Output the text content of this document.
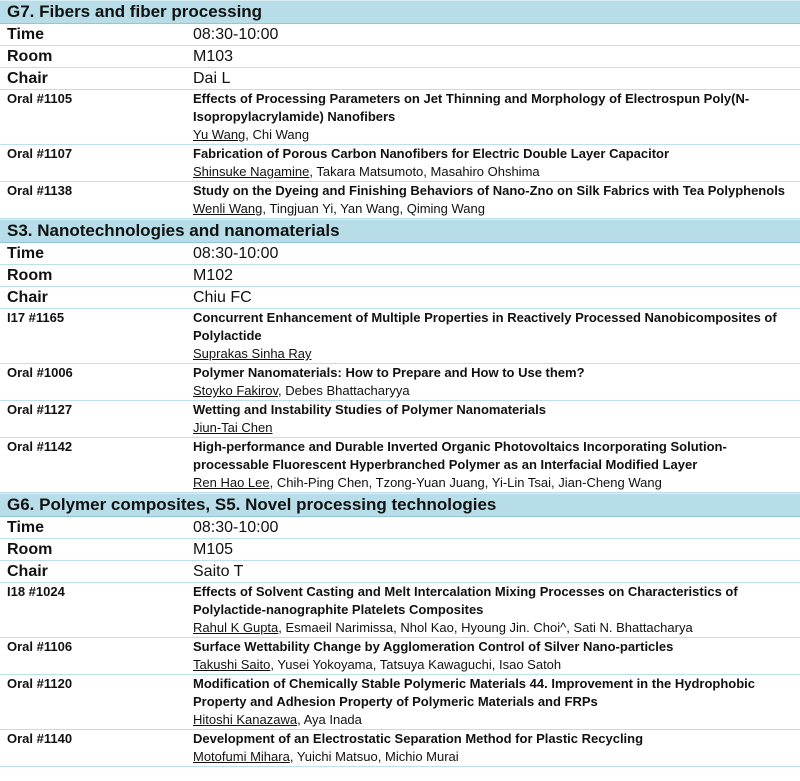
G7. Fibers and fiber processing
Time	08:30-10:00
Room	M103
Chair	Dai L
Oral #1105	Effects of Processing Parameters on Jet Thinning and Morphology of Electrospun Poly(N-Isopropylacrylamide) Nanofibers
Yu Wang, Chi Wang
Oral #1107	Fabrication of Porous Carbon Nanofibers for Electric Double Layer Capacitor
Shinsuke Nagamine, Takara Matsumoto, Masahiro Ohshima
Oral #1138	Study on the Dyeing and Finishing Behaviors of Nano-Zno on Silk Fabrics with Tea Polyphenols
Wenli Wang, Tingjuan Yi, Yan Wang, Qiming Wang
S3. Nanotechnologies and nanomaterials
Time	08:30-10:00
Room	M102
Chair	Chiu FC
I17 #1165	Concurrent Enhancement of Multiple Properties in Reactively Processed Nanobicomposites of Polylactide
Suprakas Sinha Ray
Oral #1006	Polymer Nanomaterials: How to Prepare and How to Use them?
Stoyko Fakirov, Debes Bhattacharyya
Oral #1127	Wetting and Instability Studies of Polymer Nanomaterials
Jiun-Tai Chen
Oral #1142	High-performance and Durable Inverted Organic Photovoltaics Incorporating Solution-processable Fluorescent Hyperbranched Polymer as an Interfacial Modified Layer
Ren Hao Lee, Chih-Ping Chen, Tzong-Yuan Juang, Yi-Lin Tsai, Jian-Cheng Wang
G6. Polymer composites, S5. Novel processing technologies
Time	08:30-10:00
Room	M105
Chair	Saito T
I18 #1024	Effects of Solvent Casting and Melt Intercalation Mixing Processes on Characteristics of Polylactide-nanographite Platelets Composites
Rahul K Gupta, Esmaeil Narimissa, Nhol Kao, Hyoung Jin. Choi^, Sati N. Bhattacharya
Oral #1106	Surface Wettability Change by Agglomeration Control of Silver Nano-particles
Takushi Saito, Yusei Yokoyama, Tatsuya Kawaguchi, Isao Satoh
Oral #1120	Modification of Chemically Stable Polymeric Materials 44. Improvement in the Hydrophobic Property and Adhesion Property of Polymeric Materials and FRPs
Hitoshi Kanazawa, Aya Inada
Oral #1140	Development of an Electrostatic Separation Method for Plastic Recycling
Motofumi Mihara, Yuichi Matsuo, Michio Murai
